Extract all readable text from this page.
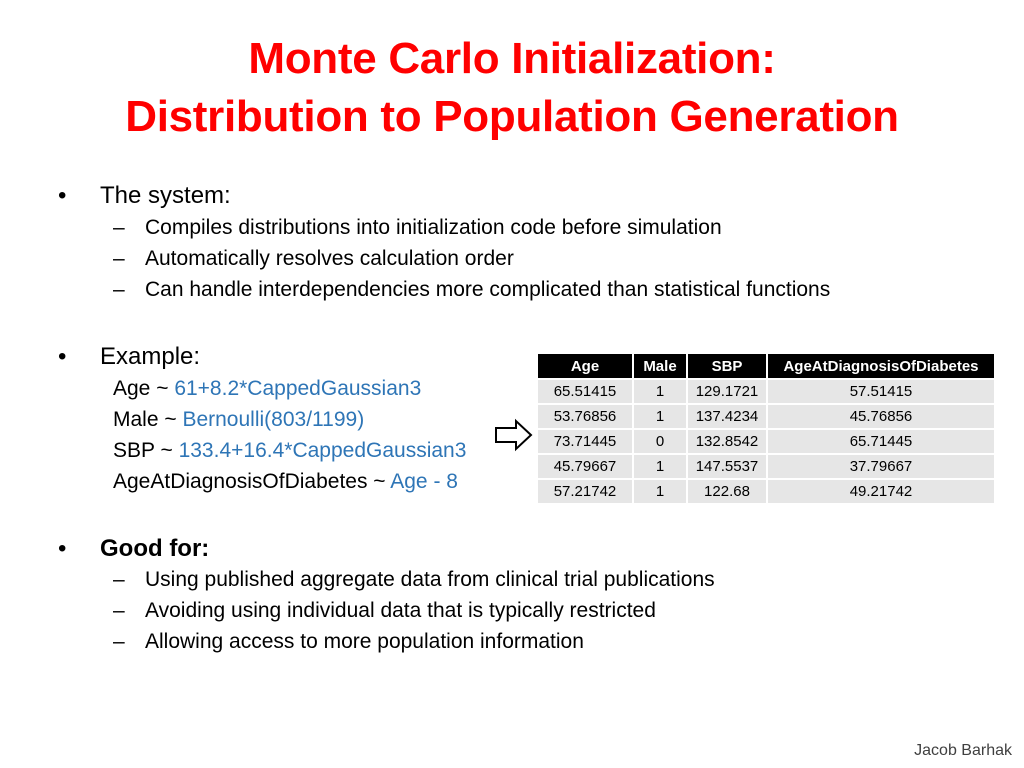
Monte Carlo Initialization:
Distribution to Population Generation
• The system:
– Compiles distributions into initialization code before simulation
– Automatically resolves calculation order
– Can handle interdependencies more complicated than statistical functions
• Example:
Age ~ 61+8.2*CappedGaussian3
Male ~ Bernoulli(803/1199)
SBP ~ 133.4+16.4*CappedGaussian3
AgeAtDiagnosisOfDiabetes ~ Age - 8
Age	Male	SBP	AgeAtDiagnosisOfDiabetes
65.51415	1	129.1721	57.51415
53.76856	1	137.4234	45.76856
73.71445	0	132.8542	65.71445
45.79667	1	147.5537	37.79667
57.21742	1	122.68	49.21742
• Good for:
– Using published aggregate data from clinical trial publications
– Avoiding using individual data that is typically restricted
– Allowing access to more population information
Jacob Barhak
